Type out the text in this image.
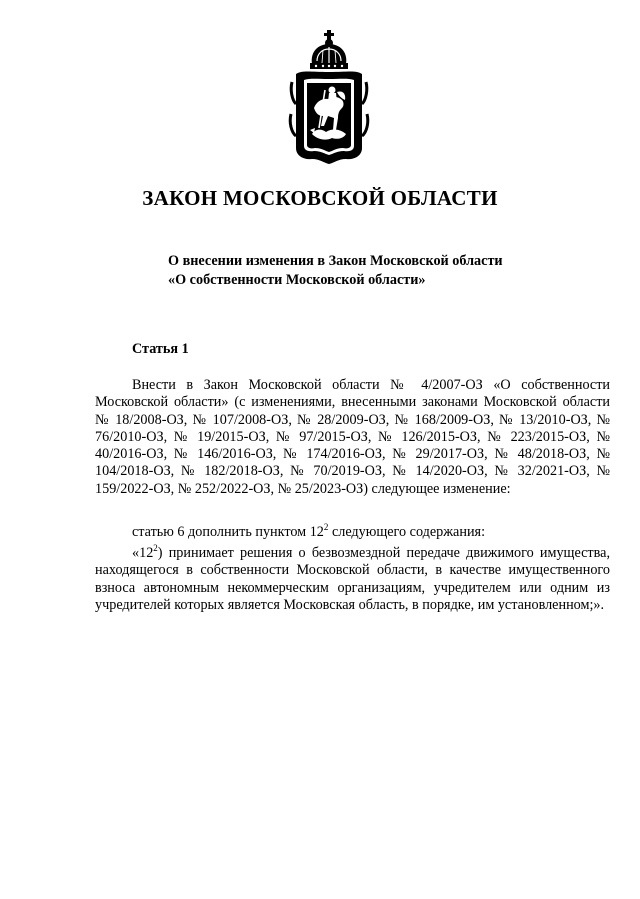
ЗАКОН МОСКОВСКОЙ ОБЛАСТИ
О внесении изменения в Закон Московской области
«О собственности Московской области»
Статья 1
Внести в Закон Московской области № 4/2007-ОЗ «О собственности Московской области» (с изменениями, внесенными законами Московской области № 18/2008-ОЗ, № 107/2008-ОЗ, № 28/2009-ОЗ, № 168/2009-ОЗ, № 13/2010-ОЗ, № 76/2010-ОЗ, № 19/2015-ОЗ, № 97/2015-ОЗ, № 126/2015-ОЗ, № 223/2015-ОЗ, № 40/2016-ОЗ, № 146/2016-ОЗ, № 174/2016-ОЗ, № 29/2017-ОЗ, № 48/2018-ОЗ, № 104/2018-ОЗ, № 182/2018-ОЗ, № 70/2019-ОЗ, № 14/2020-ОЗ, № 32/2021-ОЗ, № 159/2022-ОЗ, № 252/2022-ОЗ, № 25/2023-ОЗ) следующее изменение:
статью 6 дополнить пунктом $12^2$ следующего содержания:
«$12^2$) принимает решения о безвозмездной передаче движимого имущества, находящегося в собственности Московской области, в качестве имущественного взноса автономным некоммерческим организациям, учредителем или одним из учредителей которых является Московская область, в порядке, им установленном;».
